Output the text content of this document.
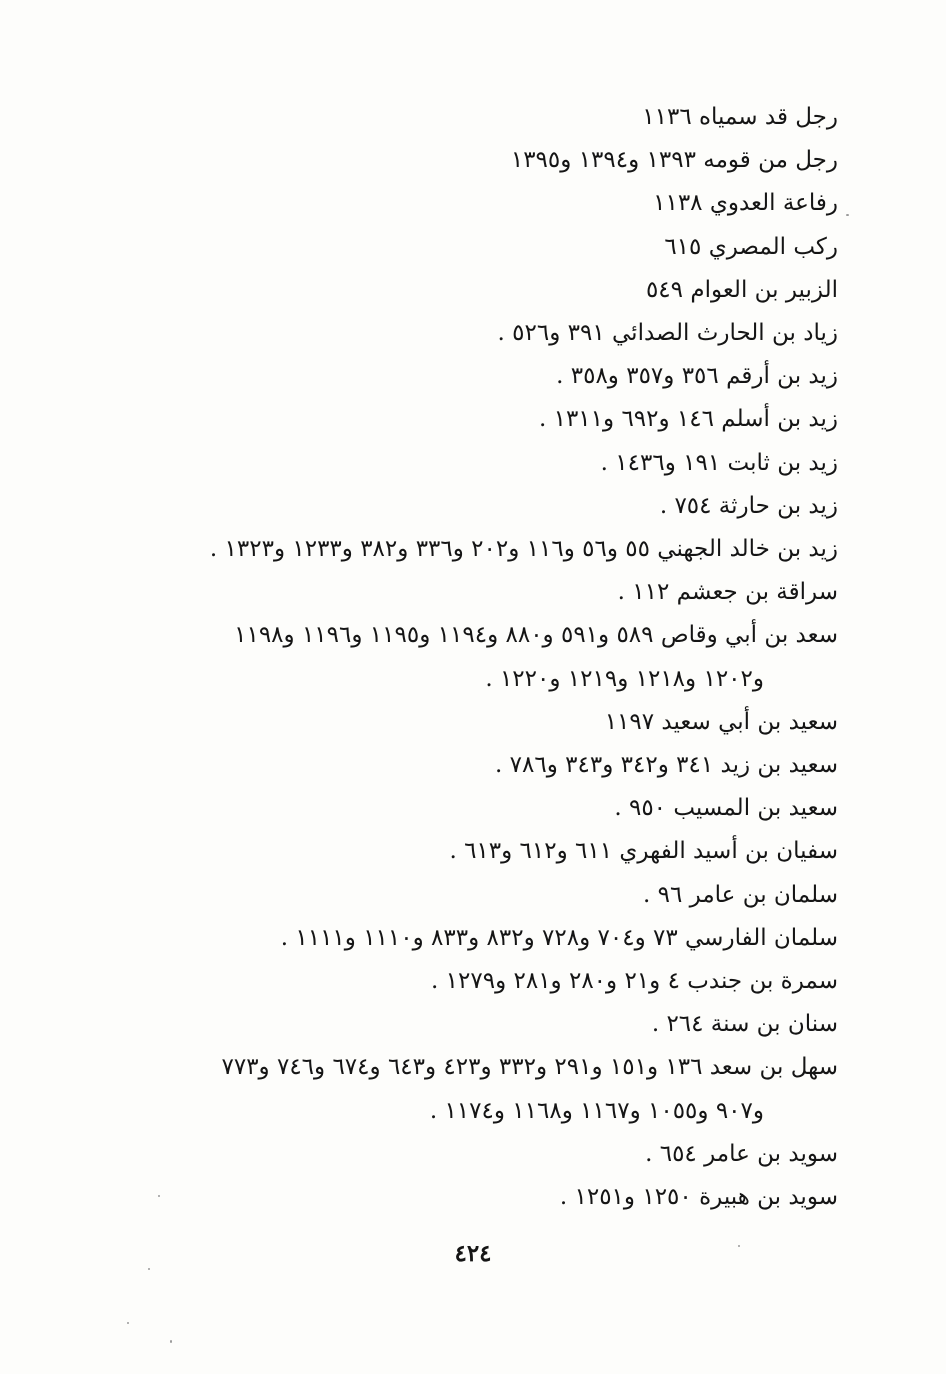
رجل قد سمياه ١١٣٦
رجل من قومه ١٣٩٣ و١٣٩٤ و١٣٩٥
رفاعة العدوي ١١٣٨
ركب المصري ٦١٥
الزبير بن العوام ٥٤٩
زياد بن الحارث الصدائي ٣٩١ و٥٢٦ .
زيد بن أرقم ٣٥٦ و٣٥٧ و٣٥٨ .
زيد بن أسلم ١٤٦ و٦٩٢ و١٣١١ .
زيد بن ثابت ١٩١ و١٤٣٦ .
زيد بن حارثة ٧٥٤ .
زيد بن خالد الجهني ٥٥ و٥٦ و١١٦ و٢٠٢ و٣٣٦ و٣٨٢ و١٢٣٣ و١٣٢٣ .
سراقة بن جعشم ١١٢ .
سعد بن أبي وقاص ٥٨٩ و٥٩١ و٨٨٠ و١١٩٤ و١١٩٥ و١١٩٦ و١١٩٨
و١٢٠٢ و١٢١٨ و١٢١٩ و١٢٢٠ .
سعيد بن أبي سعيد ١١٩٧
سعيد بن زيد ٣٤١ و٣٤٢ و٣٤٣ و٧٨٦ .
سعيد بن المسيب ٩٥٠ .
سفيان بن أسيد الفهري ٦١١ و٦١٢ و٦١٣ .
سلمان بن عامر ٩٦ .
سلمان الفارسي ٧٣ و٧٠٤ و٧٢٨ و٨٣٢ و٨٣٣ و١١١٠ و١١١١ .
سمرة بن جندب ٤ و٢١ و٢٨٠ و٢٨١ و١٢٧٩ .
سنان بن سنة ٢٦٤ .
سهل بن سعد ١٣٦ و١٥١ و٢٩١ و٣٣٢ و٤٢٣ و٦٤٣ و٦٧٤ و٧٤٦ و٧٧٣
و٩٠٧ و١٠٥٥ و١١٦٧ و١١٦٨ و١١٧٤ .
سويد بن عامر ٦٥٤ .
سويد بن هبيرة ١٢٥٠ و١٢٥١ .
٤٢٤
